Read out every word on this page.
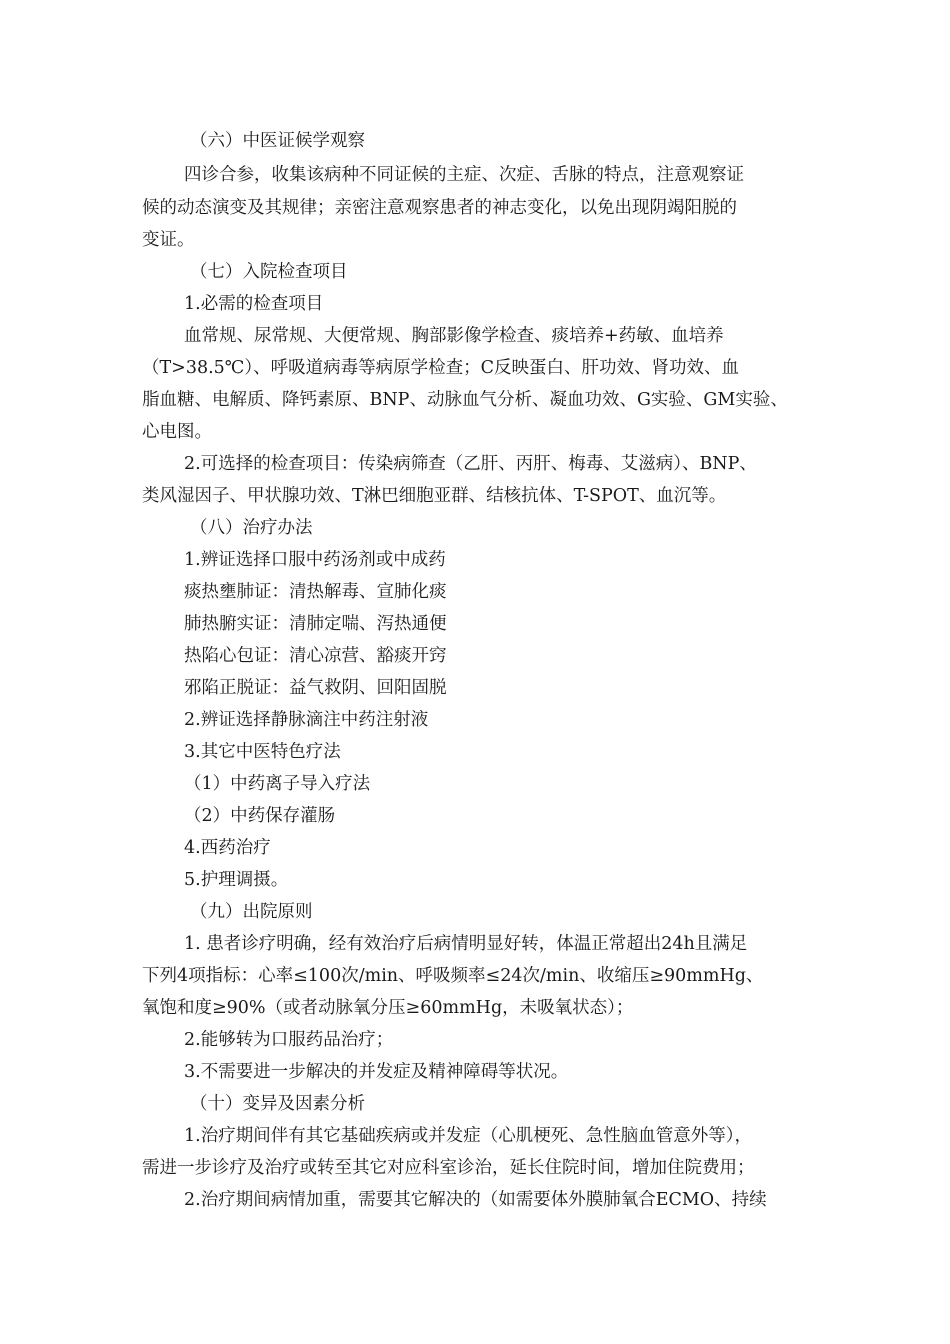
（六）中医证候学观察
四诊合参，收集该病种不同证候的主症、次症、舌脉的特点，注意观察证
候的动态演变及其规律；亲密注意观察患者的神志变化，以免出现阴竭阳脱的
变证。
（七）入院检查项目
1.必需的检查项目
血常规、尿常规、大便常规、胸部影像学检查、痰培养+药敏、血培养
（T>38.5℃）、呼吸道病毒等病原学检查；C反映蛋白、肝功效、肾功效、血
脂血糖、电解质、降钙素原、BNP、动脉血气分析、凝血功效、G实验、GM实验、
心电图。
2.可选择的检查项目：传染病筛查（乙肝、丙肝、梅毒、艾滋病）、BNP、
类风湿因子、甲状腺功效、T淋巴细胞亚群、结核抗体、T-SPOT、血沉等。
（八）治疗办法
1.辨证选择口服中药汤剂或中成药
痰热壅肺证：清热解毒、宣肺化痰
肺热腑实证：清肺定喘、泻热通便
热陷心包证：清心凉营、豁痰开窍
邪陷正脱证：益气救阴、回阳固脱
2.辨证选择静脉滴注中药注射液
3.其它中医特色疗法
（1）中药离子导入疗法
（2）中药保存灌肠
4.西药治疗
5.护理调摄。
（九）出院原则
1. 患者诊疗明确，经有效治疗后病情明显好转，体温正常超出24h且满足
下列4项指标：心率≤100次/min、呼吸频率≤24次/min、收缩压≥90mmHg、
氧饱和度≥90%（或者动脉氧分压≥60mmHg，未吸氧状态）；
2.能够转为口服药品治疗；
3.不需要进一步解决的并发症及精神障碍等状况。
（十）变异及因素分析
1.治疗期间伴有其它基础疾病或并发症（心肌梗死、急性脑血管意外等），
需进一步诊疗及治疗或转至其它对应科室诊治，延长住院时间，增加住院费用；
2.治疗期间病情加重，需要其它解决的（如需要体外膜肺氧合ECMO、持续
